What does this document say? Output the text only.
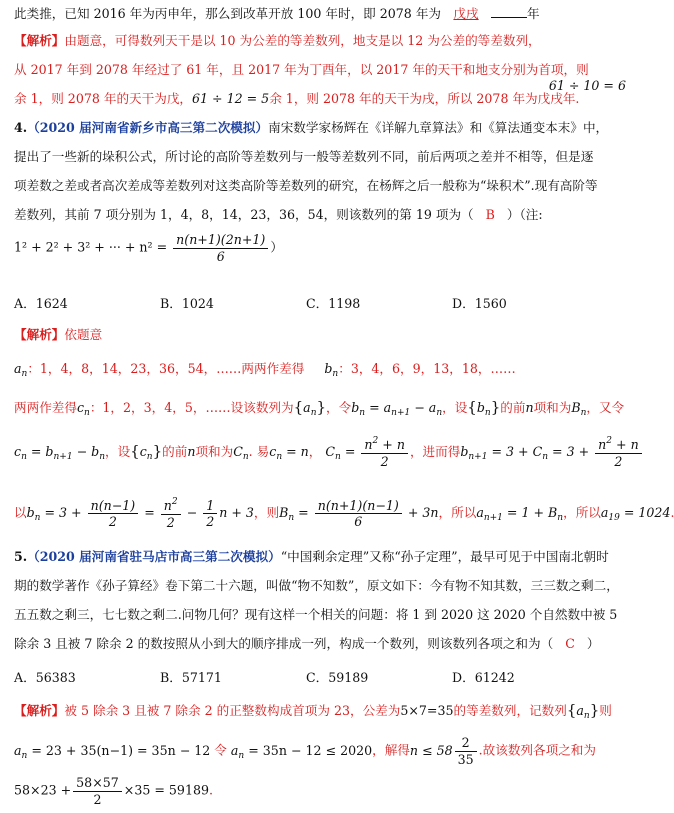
此类推，已知 2016 年为丙申年，那么到改革开放 100 年时，即 2078 年为 戊戌	年
【解析】由题意，可得数列天干是以 10 为公差的等差数列，地支是以 12 为公差的等差数列，
从 2017 年到 2078 年经过了 61 年，且 2017 年为丁酉年，以 2017 年的天干和地支分别为首项，则
61 ÷ 10 = 6
余 1，则 2078 年的天干为戊，61 ÷ 12 = 5余 1，则 2078 年的天干为戌，所以 2078 年为戊戌年.
4.（2020 届河南省新乡市高三第二次模拟）南宋数学家杨辉在《详解九章算法》和《算法通变本末》中，
提出了一些新的垛积公式，所讨论的高阶等差数列与一般等差数列不同，前后两项之差并不相等，但是逐
项差数之差或者高次差成等差数列对这类高阶等差数列的研究，在杨辉之后一般称为“垛积术”.现有高阶等
差数列，其前 7 项分别为 1，4，8，14，23，36，54，则该数列的第 19 项为（ B ）（注:
1² + 2² + 3² + ··· + $n^2 = \frac{n(n+1)(2n+1)}{6}$ ）
A．1624	B．1024	C．1198	D．1560
【解析】依题意
$a_n$：1，4，8，14，23，36，54，……两两作差得 $b_n$：3，4，6，9，13，18，……
两两作差得$c_n$：1，2，3，4，5，……设该数列为$\{a_n\}$，令$b_n = a_{n+1} - a_n$，设$\{b_n\}$的前n项和为$B_n$，又令
$c_n = b_{n+1} - b_n$，设$\{c_n\}$的前n项和为$C_n$. 易$c_n = n$， $C_n = \frac{n^2 + n}{2}$ ，进而得$b_{n+1} = 3 + C_n = 3 + \frac{n^2 + n}{2}$
以$b_n = 3 + \frac{n(n-1)}{2} = \frac{n^2}{2} - \frac{1}{2}$ n + 3，则$B_n = \frac{n(n+1)(n-1)}{6} + 3n$，所以$a_{n+1} = 1 + B_n$，所以$a_{19} = 1024$
5.（2020 届河南省驻马店市高三第二次模拟）“中国剩余定理”又称“孙子定理”，最早可见于中国南北朝时
期的数学著作《孙子算经》卷下第二十六题，叫做“物不知数”，原文如下：今有物不知其数，三三数之剩二，
五五数之剩三，七七数之剩二.问物几何？现有这样一个相关的问题：将 1 到 2020 这 2020 个自然数中被 5
除余 3 且被 7 除余 2 的数按照从小到大的顺序排成一列，构成一个数列，则该数列各项之和为（ C ）
A．56383	B．57171	C．59189	D．61242
【解析】被 5 除余 3 且被 7 除余 2 的正整数构成首项为 23，公差为5×7=35的等差数列，记数列$\{a_n\}$则
$a_n = 23 + 35(n-1) = 35n - 12$ 令 $a_n = 35n - 12 \le 2020$，解得$n \le 58 \frac{2}{35}$ .故该数列各项之和为
$58\times 23 + \frac{58\times 57}{2} \times 35 = 59189$.
